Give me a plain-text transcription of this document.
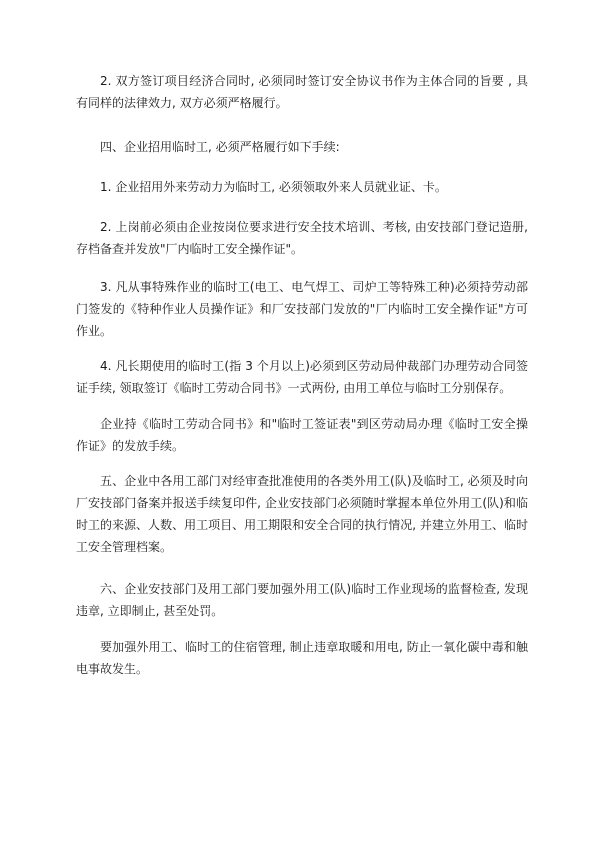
2. 双方签订项目经济合同时, 必须同时签订安全协议书作为主体合同的旨要 , 具有同样的法律效力, 双方必须严格履行。

四、企业招用临时工, 必须严格履行如下手续:

1. 企业招用外来劳动力为临时工, 必须领取外来人员就业证、卡。

2. 上岗前必须由企业按岗位要求进行安全技术培训、考核, 由安技部门登记造册, 存档备查并发放"厂内临时工安全操作证"。

3. 凡从事特殊作业的临时工(电工、电气焊工、司炉工等特殊工种)必须持劳动部门签发的《特种作业人员操作证》和厂安技部门发放的"厂内临时工安全操作证"方可作业。

4. 凡长期使用的临时工(指 3 个月以上)必须到区劳动局仲裁部门办理劳动合同签证手续, 领取签订《临时工劳动合同书》一式两份, 由用工单位与临时工分别保存。

企业持《临时工劳动合同书》和"临时工签证表"到区劳动局办理《临时工安全操作证》的发放手续。

五、企业中各用工部门对经审查批准使用的各类外用工(队)及临时工, 必须及时向厂安技部门备案并报送手续复印件, 企业安技部门必须随时掌握本单位外用工(队)和临时工的来源、人数、用工项目、用工期限和安全合同的执行情况, 并建立外用工、临时工安全管理档案。

六、企业安技部门及用工部门要加强外用工(队)临时工作业现场的监督检查, 发现违章, 立即制止, 甚至处罚。

要加强外用工、临时工的住宿管理, 制止违章取暖和用电, 防止一氧化碳中毒和触电事故发生。
